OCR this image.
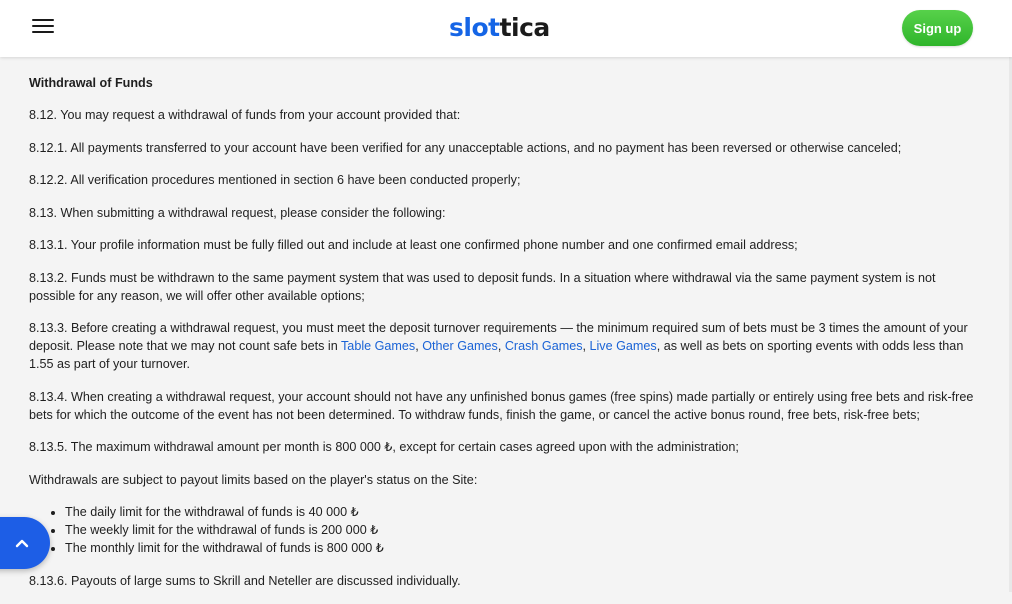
slottica	Sign up
Withdrawal of Funds

8.12. You may request a withdrawal of funds from your account provided that:

8.12.1. All payments transferred to your account have been verified for any unacceptable actions, and no payment has been reversed or otherwise canceled;

8.12.2. All verification procedures mentioned in section 6 have been conducted properly;

8.13. When submitting a withdrawal request, please consider the following:

8.13.1. Your profile information must be fully filled out and include at least one confirmed phone number and one confirmed email address;

8.13.2. Funds must be withdrawn to the same payment system that was used to deposit funds. In a situation where withdrawal via the same payment system is not possible for any reason, we will offer other available options;

8.13.3. Before creating a withdrawal request, you must meet the deposit turnover requirements — the minimum required sum of bets must be 3 times the amount of your deposit. Please note that we may not count safe bets in Table Games, Other Games, Crash Games, Live Games, as well as bets on sporting events with odds less than 1.55 as part of your turnover.

8.13.4. When creating a withdrawal request, your account should not have any unfinished bonus games (free spins) made partially or entirely using free bets and risk-free bets for which the outcome of the event has not been determined. To withdraw funds, finish the game, or cancel the active bonus round, free bets, risk-free bets;

8.13.5. The maximum withdrawal amount per month is 800 000 ₺, except for certain cases agreed upon with the administration;

Withdrawals are subject to payout limits based on the player's status on the Site:

• The daily limit for the withdrawal of funds is 40 000 ₺
• The weekly limit for the withdrawal of funds is 200 000 ₺
• The monthly limit for the withdrawal of funds is 800 000 ₺

8.13.6. Payouts of large sums to Skrill and Neteller are discussed individually.
